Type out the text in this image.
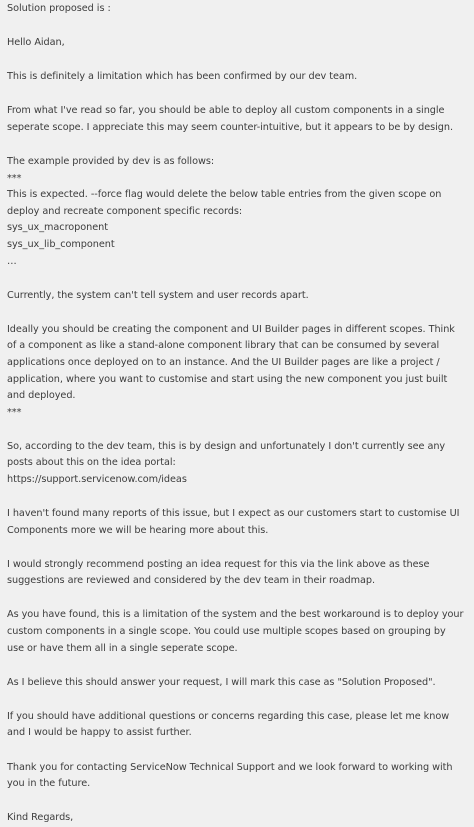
Solution proposed is :
Hello Aidan,
This is definitely a limitation which has been confirmed by our dev team.
From what I've read so far, you should be able to deploy all custom components in a single
seperate scope. I appreciate this may seem counter-intuitive, but it appears to be by design.
The example provided by dev is as follows:
***
This is expected. --force flag would delete the below table entries from the given scope on
deploy and recreate component specific records:
sys_ux_macroponent
sys_ux_lib_component
…
Currently, the system can't tell system and user records apart.
Ideally you should be creating the component and UI Builder pages in different scopes. Think
of a component as like a stand-alone component library that can be consumed by several
applications once deployed on to an instance. And the UI Builder pages are like a project /
application, where you want to customise and start using the new component you just built
and deployed.
***
So, according to the dev team, this is by design and unfortunately I don't currently see any
posts about this on the idea portal:
https://support.servicenow.com/ideas
I haven't found many reports of this issue, but I expect as our customers start to customise UI
Components more we will be hearing more about this.
I would strongly recommend posting an idea request for this via the link above as these
suggestions are reviewed and considered by the dev team in their roadmap.
As you have found, this is a limitation of the system and the best workaround is to deploy your
custom components in a single scope. You could use multiple scopes based on grouping by
use or have them all in a single seperate scope.
As I believe this should answer your request, I will mark this case as "Solution Proposed".
If you should have additional questions or concerns regarding this case, please let me know
and I would be happy to assist further.
Thank you for contacting ServiceNow Technical Support and we look forward to working with
you in the future.
Kind Regards,
